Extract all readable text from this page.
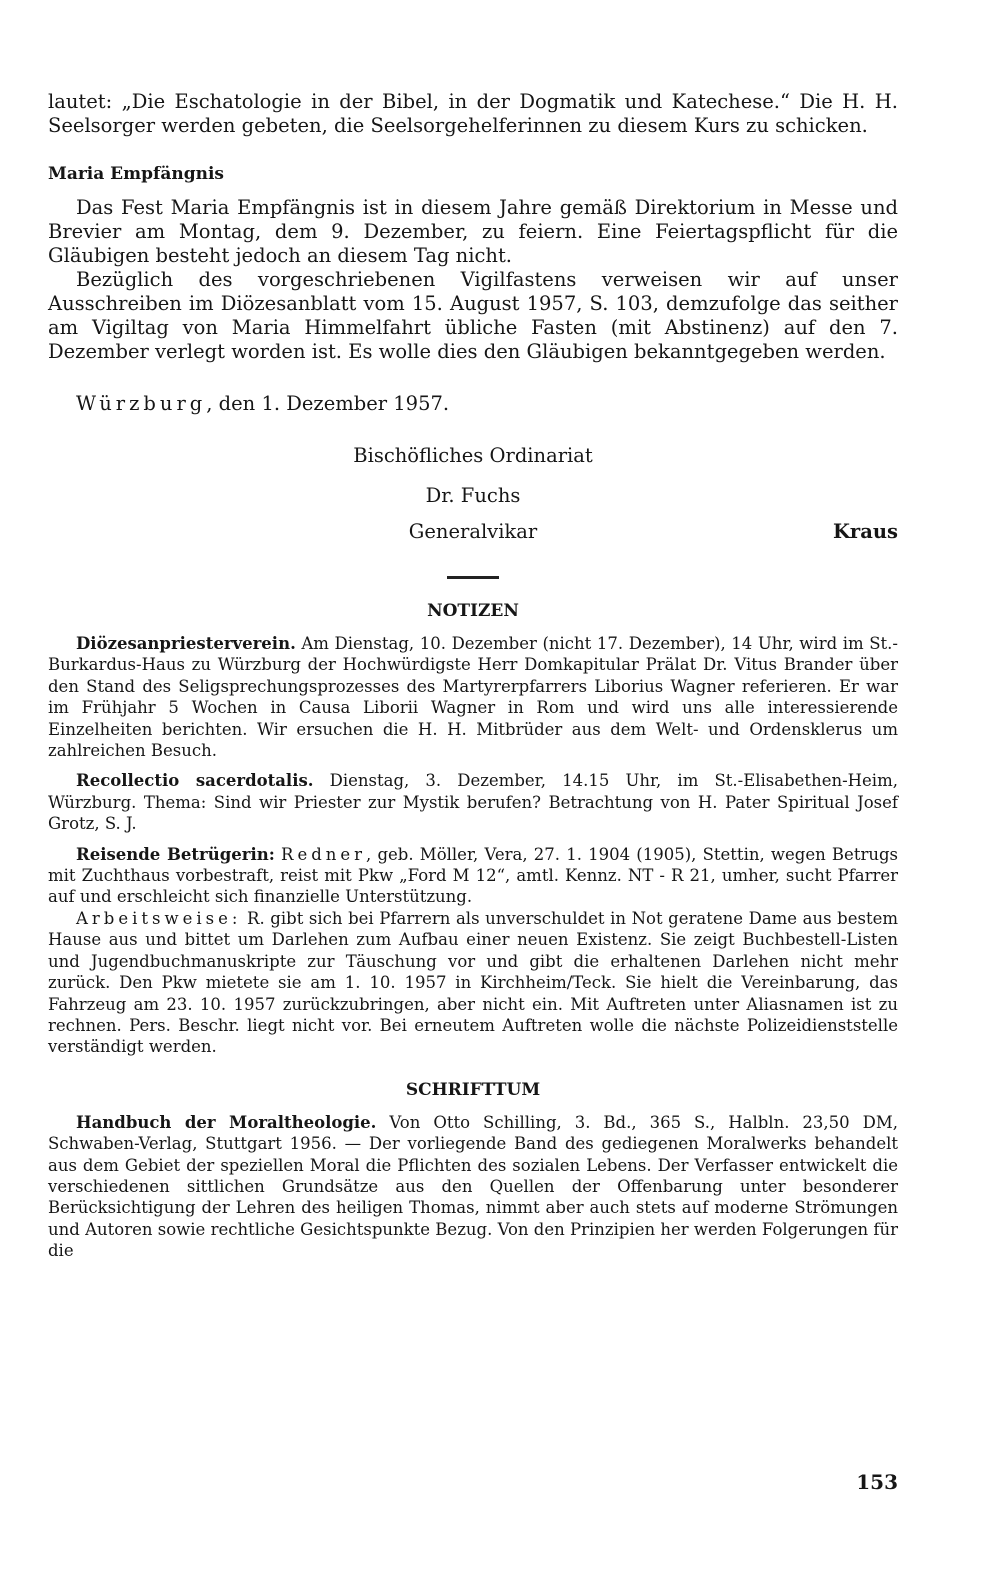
lautet: „Die Eschatologie in der Bibel, in der Dogmatik und Katechese.“ Die H. H. Seelsorger werden gebeten, die Seelsorgehelferinnen zu diesem Kurs zu schicken.

Maria Empfängnis

Das Fest Maria Empfängnis ist in diesem Jahre gemäß Direktorium in Messe und Brevier am Montag, dem 9. Dezember, zu feiern. Eine Feiertagspflicht für die Gläubigen besteht jedoch an diesem Tag nicht.

Bezüglich des vorgeschriebenen Vigilfastens verweisen wir auf unser Ausschreiben im Diözesanblatt vom 15. August 1957, S. 103, demzufolge das seither am Vigiltag von Maria Himmelfahrt übliche Fasten (mit Abstinenz) auf den 7. Dezember verlegt worden ist. Es wolle dies den Gläubigen bekanntgegeben werden.

Würzburg, den 1. Dezember 1957.
Bischöfliches Ordinariat
Dr. Fuchs
Generalvikar	Kraus
NOTIZEN

Diözesanpriesterverein. Am Dienstag, 10. Dezember (nicht 17. Dezember), 14 Uhr, wird im St.-Burkardus-Haus zu Würzburg der Hochwürdigste Herr Domkapitular Prälat Dr. Vitus Brander über den Stand des Seligsprechungsprozesses des Martyrerpfarrers Liborius Wagner referieren. Er war im Frühjahr 5 Wochen in Causa Liborii Wagner in Rom und wird uns alle interessierende Einzelheiten berichten. Wir ersuchen die H. H. Mitbrüder aus dem Welt- und Ordensklerus um zahlreichen Besuch.

Recollectio sacerdotalis. Dienstag, 3. Dezember, 14.15 Uhr, im St.-Elisabethen-Heim, Würzburg. Thema: Sind wir Priester zur Mystik berufen? Betrachtung von H. Pater Spiritual Josef Grotz, S. J.

Reisende Betrügerin: Redner, geb. Möller, Vera, 27. 1. 1904 (1905), Stettin, wegen Betrugs mit Zuchthaus vorbestraft, reist mit Pkw „Ford M 12“, amtl. Kennz. NT - R 21, umher, sucht Pfarrer auf und erschleicht sich finanzielle Unterstützung.

Arbeitsweise: R. gibt sich bei Pfarrern als unverschuldet in Not geratene Dame aus bestem Hause aus und bittet um Darlehen zum Aufbau einer neuen Existenz. Sie zeigt Buchbestell-Listen und Jugendbuchmanuskripte zur Täuschung vor und gibt die erhaltenen Darlehen nicht mehr zurück. Den Pkw mietete sie am 1. 10. 1957 in Kirchheim/Teck. Sie hielt die Vereinbarung, das Fahrzeug am 23. 10. 1957 zurückzubringen, aber nicht ein. Mit Auftreten unter Aliasnamen ist zu rechnen. Pers. Beschr. liegt nicht vor. Bei erneutem Auftreten wolle die nächste Polizeidienststelle verständigt werden.

SCHRIFTTUM

Handbuch der Moraltheologie. Von Otto Schilling, 3. Bd., 365 S., Halbln. 23,50 DM, Schwaben-Verlag, Stuttgart 1956. — Der vorliegende Band des gediegenen Moralwerks behandelt aus dem Gebiet der speziellen Moral die Pflichten des sozialen Lebens. Der Verfasser entwickelt die verschiedenen sittlichen Grundsätze aus den Quellen der Offenbarung unter besonderer Berücksichtigung der Lehren des heiligen Thomas, nimmt aber auch stets auf moderne Strömungen und Autoren sowie rechtliche Gesichtspunkte Bezug. Von den Prinzipien her werden Folgerungen für die

153
